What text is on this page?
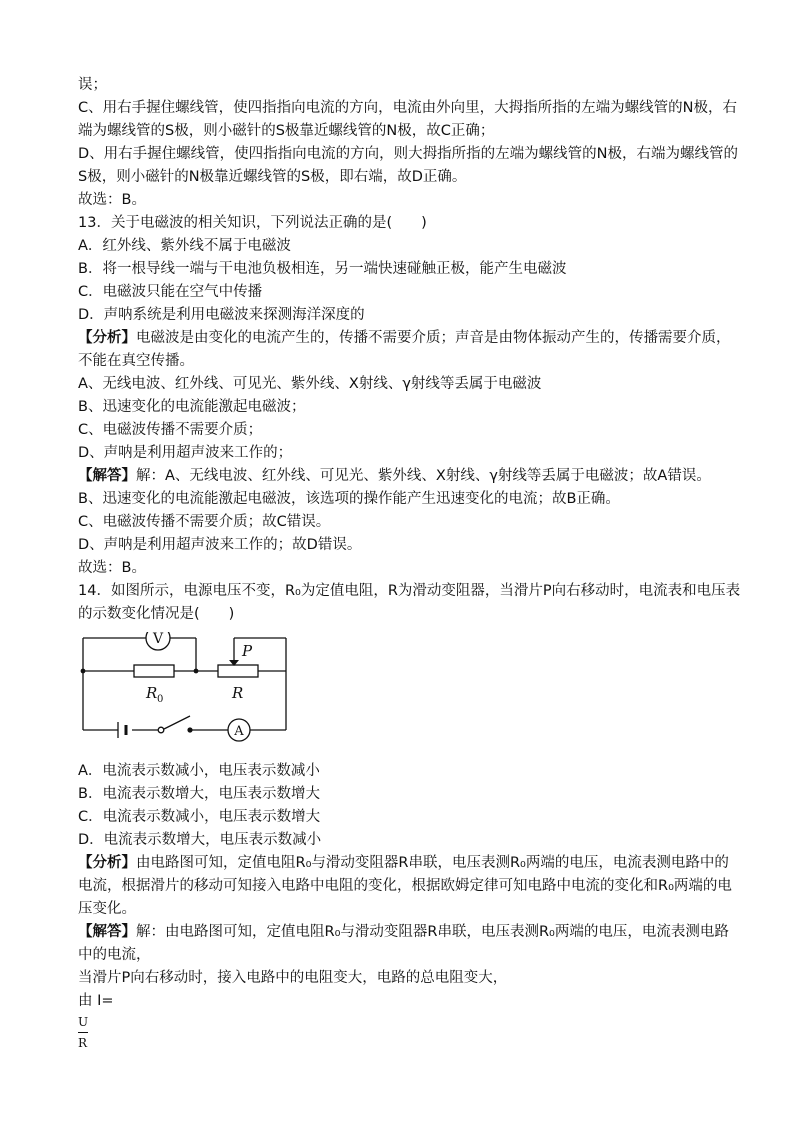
误；
C、用右手握住螺线管，使四指指向电流的方向，电流由外向里，大拇指所指的左端为螺线管的N极，右
端为螺线管的S极，则小磁针的S极靠近螺线管的N极，故C正确；
D、用右手握住螺线管，使四指指向电流的方向，则大拇指所指的左端为螺线管的N极，右端为螺线管的
S极，则小磁针的N极靠近螺线管的S极，即右端，故D正确。
故选：B。
13．关于电磁波的相关知识，下列说法正确的是(　　)
A．红外线、紫外线不属于电磁波
B．将一根导线一端与干电池负极相连，另一端快速碰触正极，能产生电磁波
C．电磁波只能在空气中传播
D．声呐系统是利用电磁波来探测海洋深度的
【分析】电磁波是由变化的电流产生的，传播不需要介质；声音是由物体振动产生的，传播需要介质，
不能在真空传播。
A、无线电波、红外线、可见光、紫外线、X射线、γ射线等丢属于电磁波
B、迅速变化的电流能激起电磁波；
C、电磁波传播不需要介质；
D、声呐是利用超声波来工作的；
【解答】解：A、无线电波、红外线、可见光、紫外线、X射线、γ射线等丢属于电磁波；故A错误。
B、迅速变化的电流能激起电磁波，该选项的操作能产生迅速变化的电流；故B正确。
C、电磁波传播不需要介质；故C错误。
D、声呐是利用超声波来工作的；故D错误。
故选：B。
14．如图所示，电源电压不变，R₀为定值电阻，R为滑动变阻器，当滑片P向右移动时，电流表和电压表
的示数变化情况是(　　)
V
A
R 0	R
P
A．电流表示数减小，电压表示数减小
B．电流表示数增大，电压表示数增大
C．电流表示数减小，电压表示数增大
D．电流表示数增大，电压表示数减小
【分析】由电路图可知，定值电阻R₀与滑动变阻器R串联，电压表测R₀两端的电压，电流表测电路中的
电流，根据滑片的移动可知接入电路中电阻的变化，根据欧姆定律可知电路中电流的变化和R₀两端的电
压变化。
【解答】解：由电路图可知，定值电阻R₀与滑动变阻器R串联，电压表测R₀两端的电压，电流表测电路
中的电流，
当滑片P向右移动时，接入电路中的电阻变大，电路的总电阻变大，
由 I=
U
R
